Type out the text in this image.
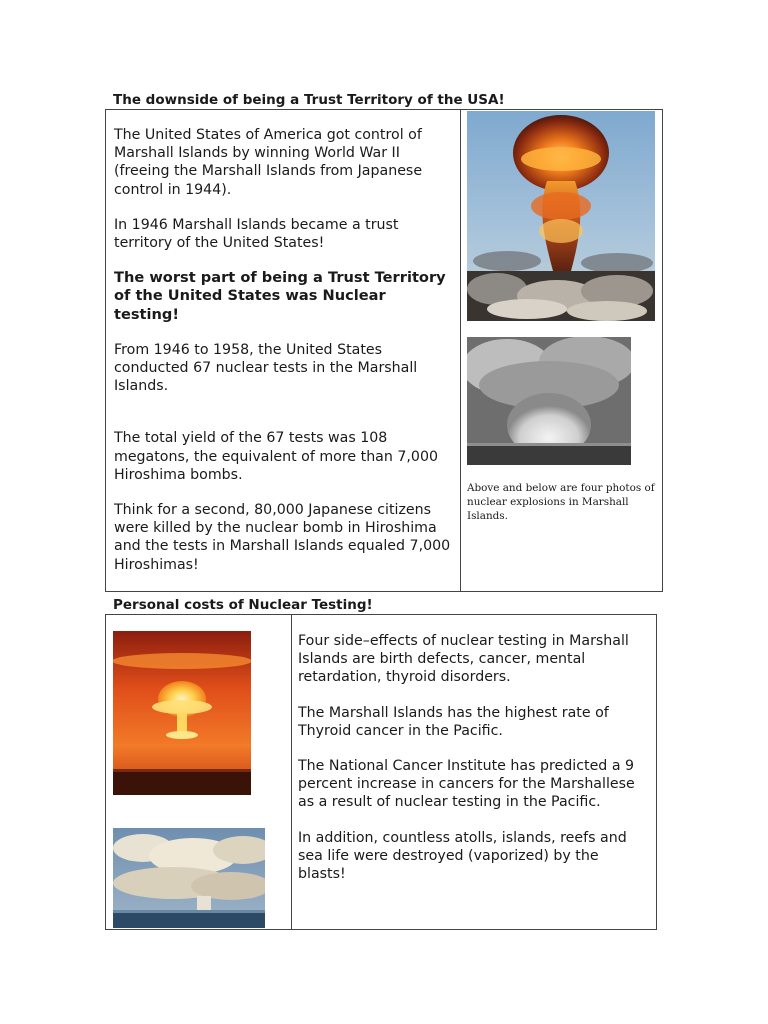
The downside of being a Trust Territory of the USA!

The United States of America got control of Marshall Islands by winning World War II (freeing the Marshall Islands from Japanese control in 1944).

In 1946 Marshall Islands became a trust territory of the United States!

The worst part of being a Trust Territory of the United States was Nuclear testing!

From 1946 to 1958, the United States conducted 67 nuclear tests in the Marshall Islands.

The total yield of the 67 tests was 108 megatons, the equivalent of more than 7,000 Hiroshima bombs.

Think for a second, 80,000 Japanese citizens were killed by the nuclear bomb in Hiroshima and the tests in Marshall Islands equaled 7,000 Hiroshimas!

Above and below are four photos of nuclear explosions in Marshall Islands.
Personal costs of Nuclear Testing!

Four side–effects of nuclear testing in Marshall Islands are birth defects, cancer, mental retardation, thyroid disorders.

The Marshall Islands has the highest rate of Thyroid cancer in the Pacific.

The National Cancer Institute has predicted a 9 percent increase in cancers for the Marshallese as a result of nuclear testing in the Pacific.

In addition, countless atolls, islands, reefs and sea life were destroyed (vaporized) by the blasts!
